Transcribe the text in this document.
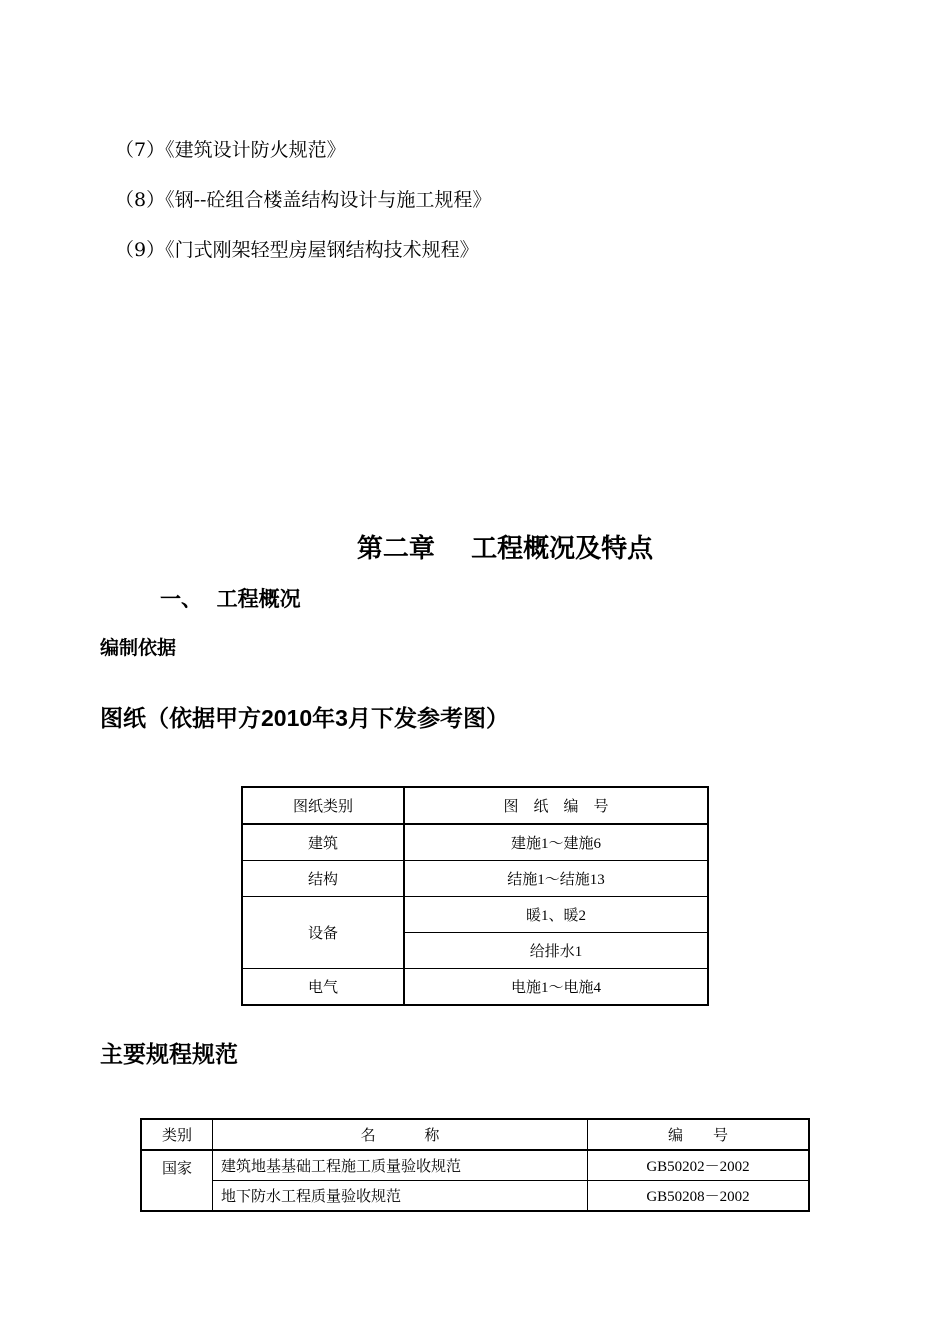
（7）《建筑设计防火规范》
（8）《钢--砼组合楼盖结构设计与施工规程》
（9）《门式刚架轻型房屋钢结构技术规程》
第二章    工程概况及特点
一、  工程概况
编制依据
图纸（依据甲方2010年3月下发参考图）
图纸类别	图    纸    编    号
建筑	建施1～建施6
结构	结施1～结施13
设备	暖1、暖2
	给排水1
电气	电施1～电施4
主要规程规范
类别	名             称	编        号
国家	建筑地基基础工程施工质量验收规范	GB50202－2002
	地下防水工程质量验收规范	GB50208－2002
